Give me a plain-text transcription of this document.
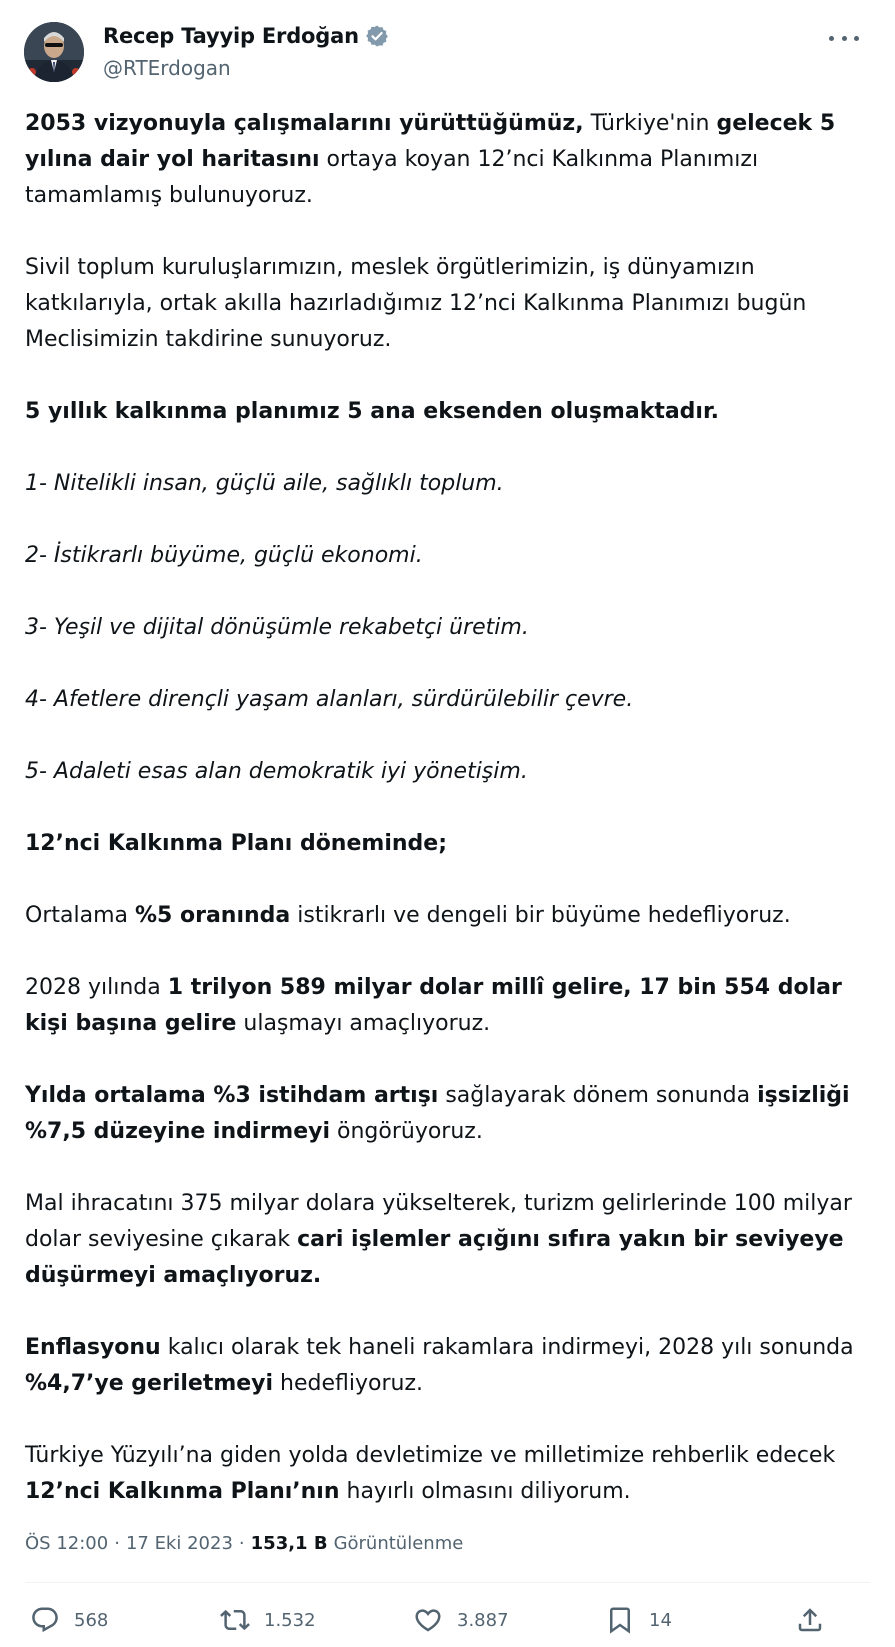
Recep Tayyip Erdoğan
@RTErdogan

2053 vizyonuyla çalışmalarını yürüttüğümüz, Türkiye'nin gelecek 5 yılına dair yol haritasını ortaya koyan 12’nci Kalkınma Planımızı tamamlamış bulunuyoruz.

Sivil toplum kuruluşlarımızın, meslek örgütlerimizin, iş dünyamızın katkılarıyla, ortak akılla hazırladığımız 12’nci Kalkınma Planımızı bugün Meclisimizin takdirine sunuyoruz.

5 yıllık kalkınma planımız 5 ana eksenden oluşmaktadır.

1- Nitelikli insan, güçlü aile, sağlıklı toplum.

2- İstikrarlı büyüme, güçlü ekonomi.

3- Yeşil ve dijital dönüşümle rekabetçi üretim.

4- Afetlere dirençli yaşam alanları, sürdürülebilir çevre.

5- Adaleti esas alan demokratik iyi yönetişim.

12’nci Kalkınma Planı döneminde;

Ortalama %5 oranında istikrarlı ve dengeli bir büyüme hedefliyoruz.

2028 yılında 1 trilyon 589 milyar dolar millî gelire, 17 bin 554 dolar kişi başına gelire ulaşmayı amaçlıyoruz.

Yılda ortalama %3 istihdam artışı sağlayarak dönem sonunda işsizliği %7,5 düzeyine indirmeyi öngörüyoruz.

Mal ihracatını 375 milyar dolara yükselterek, turizm gelirlerinde 100 milyar dolar seviyesine çıkarak cari işlemler açığını sıfıra yakın bir seviyeye düşürmeyi amaçlıyoruz.

Enflasyonu kalıcı olarak tek haneli rakamlara indirmeyi, 2028 yılı sonunda %4,7’ye geriletmeyi hedefliyoruz.

Türkiye Yüzyılı’na giden yolda devletimize ve milletimize rehberlik edecek 12’nci Kalkınma Planı’nın hayırlı olmasını diliyorum.

ÖS 12:00 · 17 Eki 2023 · 153,1 B Görüntülenme
568	1.532	3.887	14
